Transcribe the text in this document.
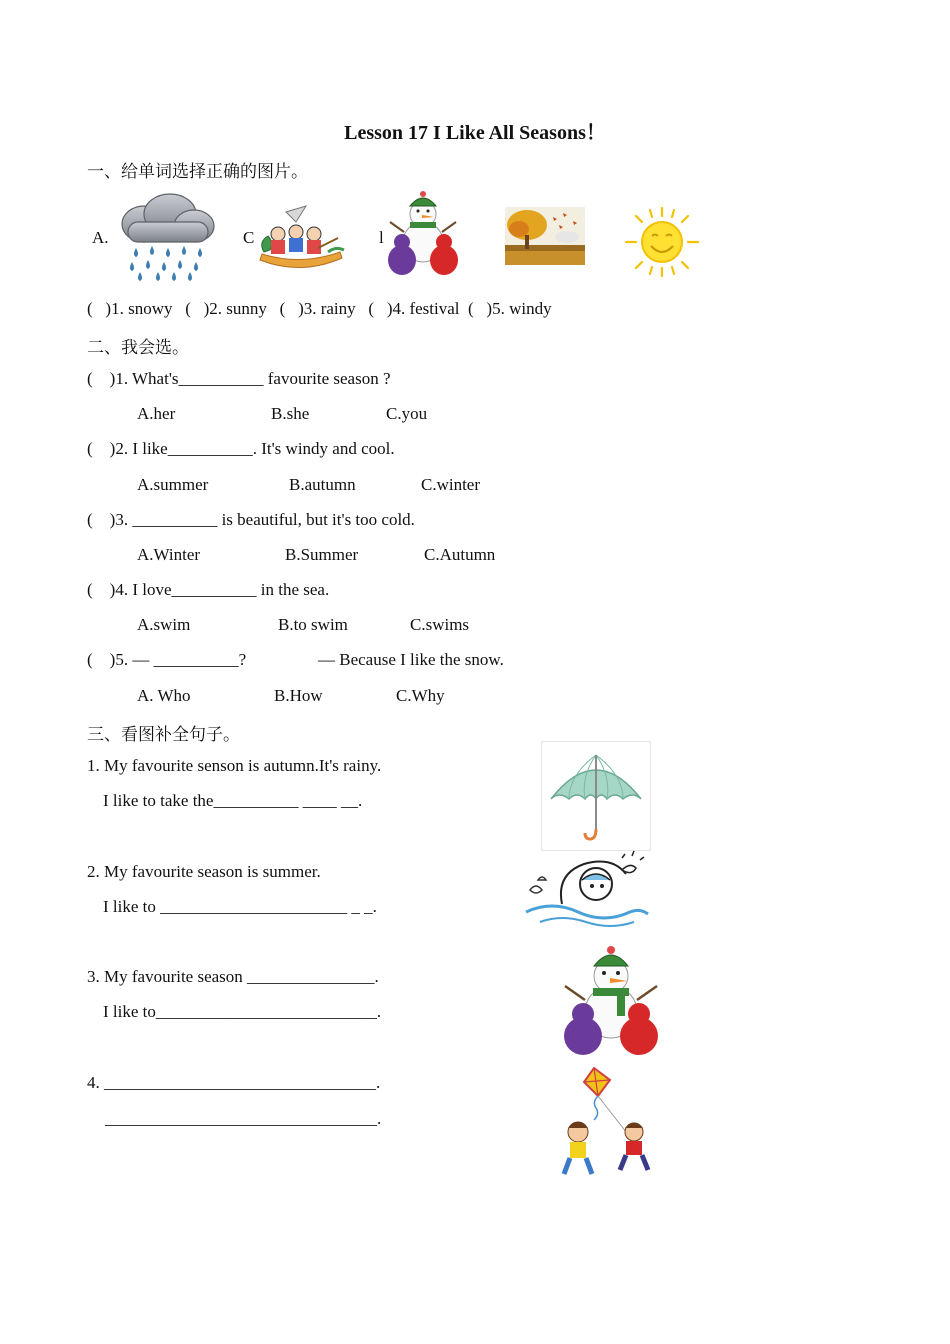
Lesson 17 I Like All Seasons！
一、给单词选择正确的图片。
A.	C	l
(   )1. snowy   (   )2. sunny   (   )3. rainy   (   )4. festival  (   )5. windy
二、我会选。
(    )1. What's__________ favourite season ?
A.her	B.she	C.you
(    )2. I like__________. It's windy and cool.
A.summer	B.autumn	C.winter
(    )3. __________ is beautiful, but it's too cold.
A.Winter	B.Summer	C.Autumn
(    )4. I love__________ in the sea.
A.swim	B.to swim	C.swims
(    )5. — __________?	— Because I like the snow.
A. Who	B.How	C.Why
三、看图补全句子。
1. My favourite senson is autumn.It's rainy.
I like to take the__________ ____ __.
2. My favourite season is summer.
I like to ______________________ _ _.
3. My favourite season _______________.
I like to__________________________.
4. ________________________________.
________________________________.
